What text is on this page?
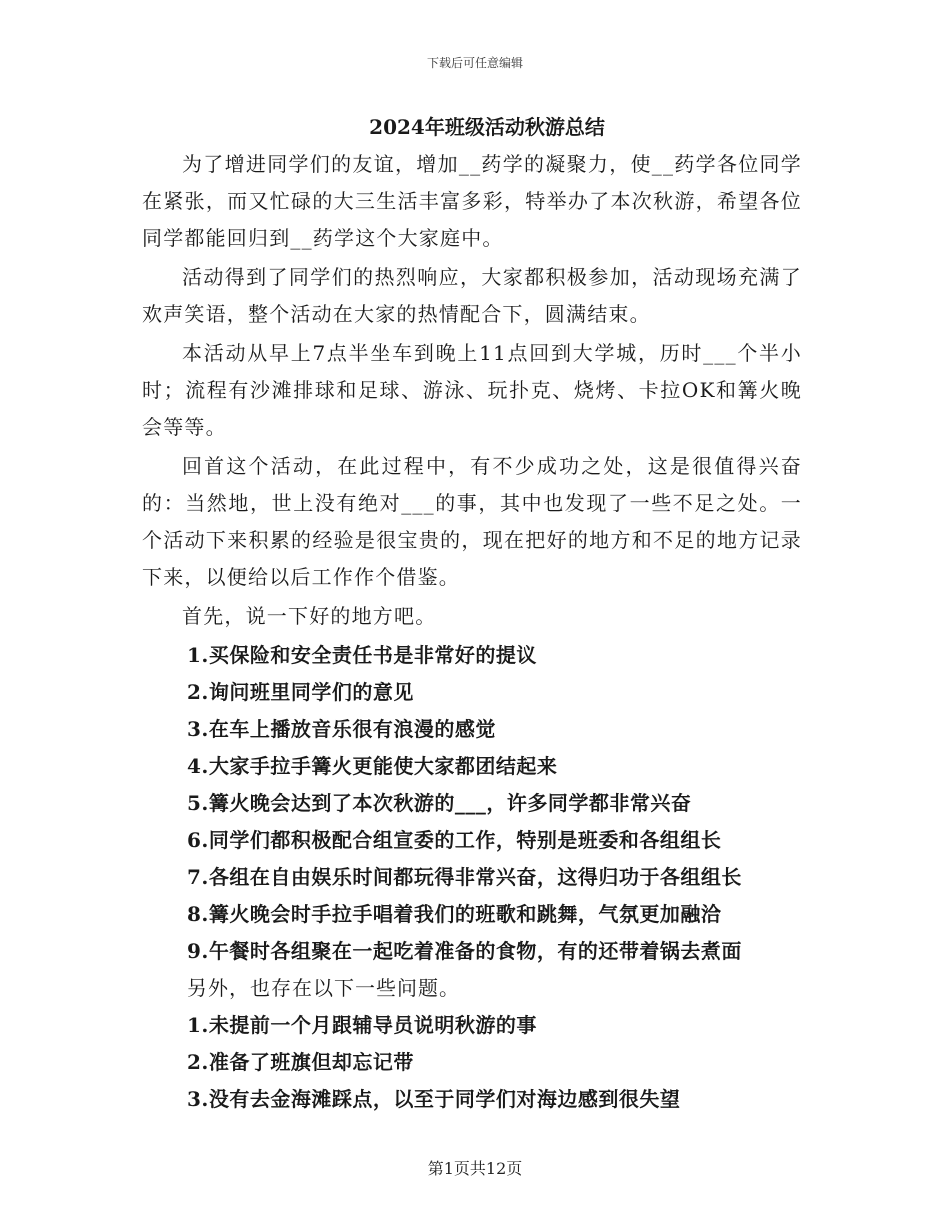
下载后可任意编辑
2024年班级活动秋游总结

为了增进同学们的友谊，增加__药学的凝聚力，使__药学各位同学在紧张，而又忙碌的大三生活丰富多彩，特举办了本次秋游，希望各位同学都能回归到__药学这个大家庭中。

活动得到了同学们的热烈响应，大家都积极参加，活动现场充满了欢声笑语，整个活动在大家的热情配合下，圆满结束。

本活动从早上7点半坐车到晚上11点回到大学城，历时___个半小时；流程有沙滩排球和足球、游泳、玩扑克、烧烤、卡拉OK和篝火晚会等等。

回首这个活动，在此过程中，有不少成功之处，这是很值得兴奋的：当然地，世上没有绝对___的事，其中也发现了一些不足之处。一个活动下来积累的经验是很宝贵的，现在把好的地方和不足的地方记录下来，以便给以后工作作个借鉴。

首先，说一下好的地方吧。

1.买保险和安全责任书是非常好的提议
2.询问班里同学们的意见
3.在车上播放音乐很有浪漫的感觉
4.大家手拉手篝火更能使大家都团结起来
5.篝火晚会达到了本次秋游的___，许多同学都非常兴奋
6.同学们都积极配合组宣委的工作，特别是班委和各组组长
7.各组在自由娱乐时间都玩得非常兴奋，这得归功于各组组长
8.篝火晚会时手拉手唱着我们的班歌和跳舞，气氛更加融洽
9.午餐时各组聚在一起吃着准备的食物，有的还带着锅去煮面
另外，也存在以下一些问题。
1.未提前一个月跟辅导员说明秋游的事
2.准备了班旗但却忘记带
3.没有去金海滩踩点，以至于同学们对海边感到很失望
第1页共12页
